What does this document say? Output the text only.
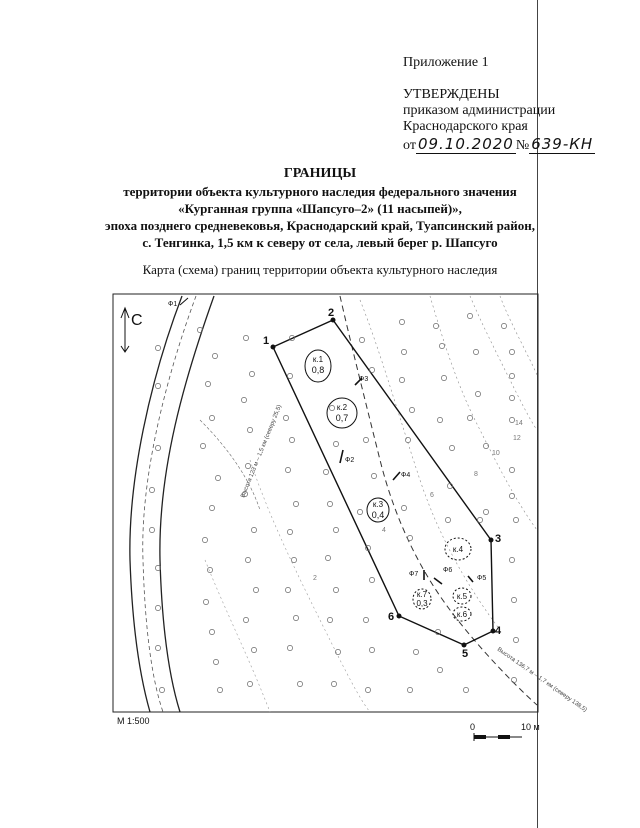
Приложение 1
УТВЕРЖДЕНЫ
приказом администрации
Краснодарского края
от 09.10.2020 № 639-КН
ГРАНИЦЫ
территории объекта культурного наследия федерального значения
«Курганная группа «Шапсуго–2» (11 насыпей)»,
эпоха позднего средневековья, Краснодарский край, Туапсинский район,
с. Тенгинка, 1,5 км к северу от села, левый берег р. Шапсуго
Карта (схема) границ территории объекта культурного наследия
1
2
3
4
5
6
к.1
0,8
к.2
0,7
к.3
0,4
к.4
к.5
к.6
к.7
0,3
Ф1
Ф2
Ф3
Ф4
Ф5
Ф6
Ф7
2
4
6
8
10
12
14
Высота 123 м – 1,5 км (северу 25,5)
Высота 136,7 м – 1,7 км (северу 138,5)
С
М 1:500
0	10 м
